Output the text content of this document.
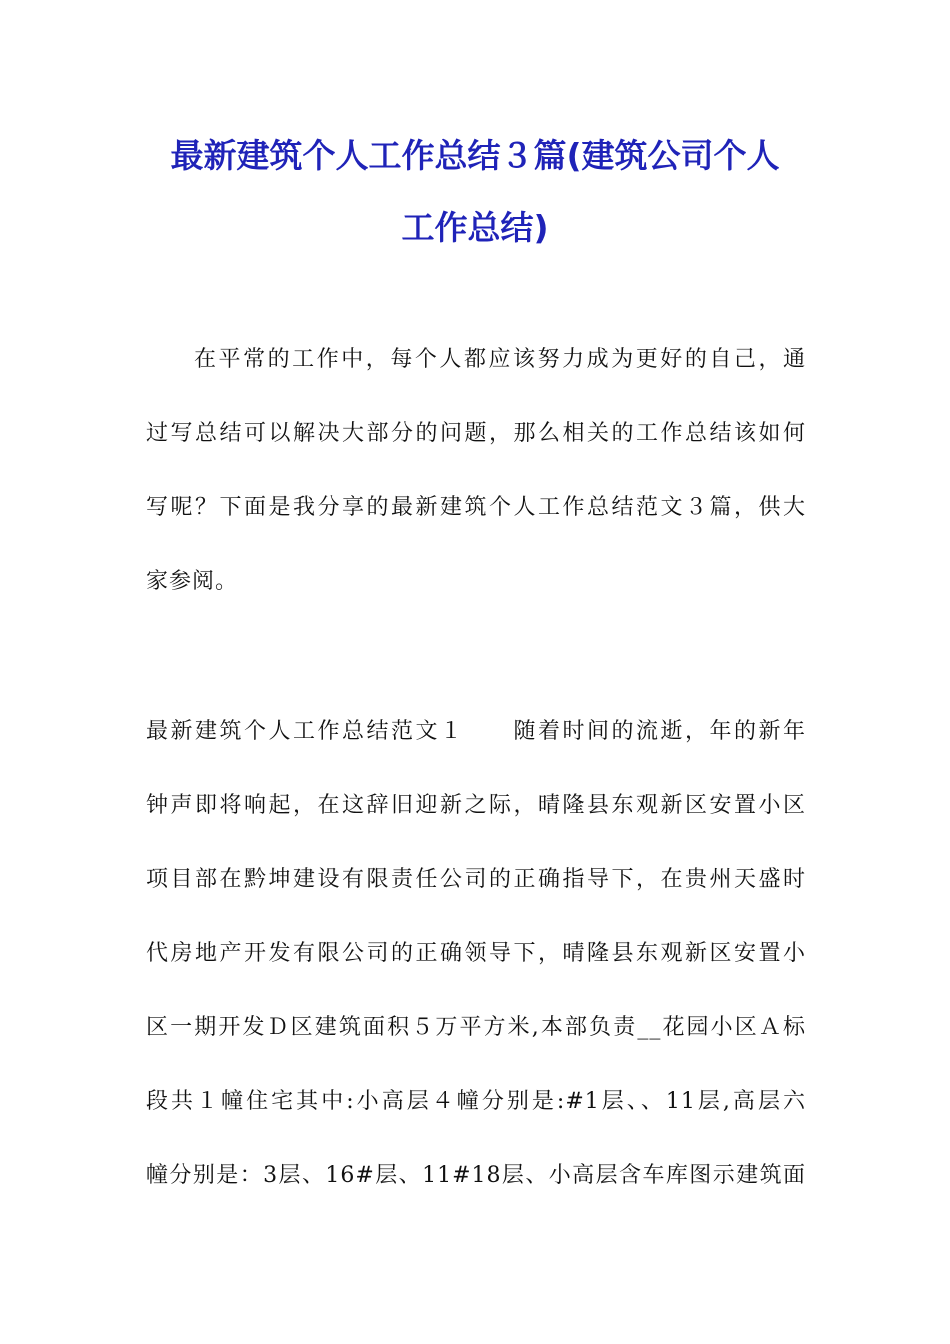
最新建筑个人工作总结３篇(建筑公司个人
工作总结)
在平常的工作中，每个人都应该努力成为更好的自己，通
过写总结可以解决大部分的问题，那么相关的工作总结该如何
写呢？下面是我分享的最新建筑个人工作总结范文３篇，供大
家参阅。
最新建筑个人工作总结范文１　　随着时间的流逝，年的新年
钟声即将响起，在这辞旧迎新之际，晴隆县东观新区安置小区
项目部在黔坤建设有限责任公司的正确指导下，在贵州天盛时
代房地产开发有限公司的正确领导下，晴隆县东观新区安置小
区一期开发Ｄ区建筑面积５万平方米,本部负责__花园小区Ａ标
段共１幢住宅其中:小高层４幢分别是:#1层、、11层,高层六
幢分别是：3层、16#层、11#18层、小高层含车库图示建筑面
